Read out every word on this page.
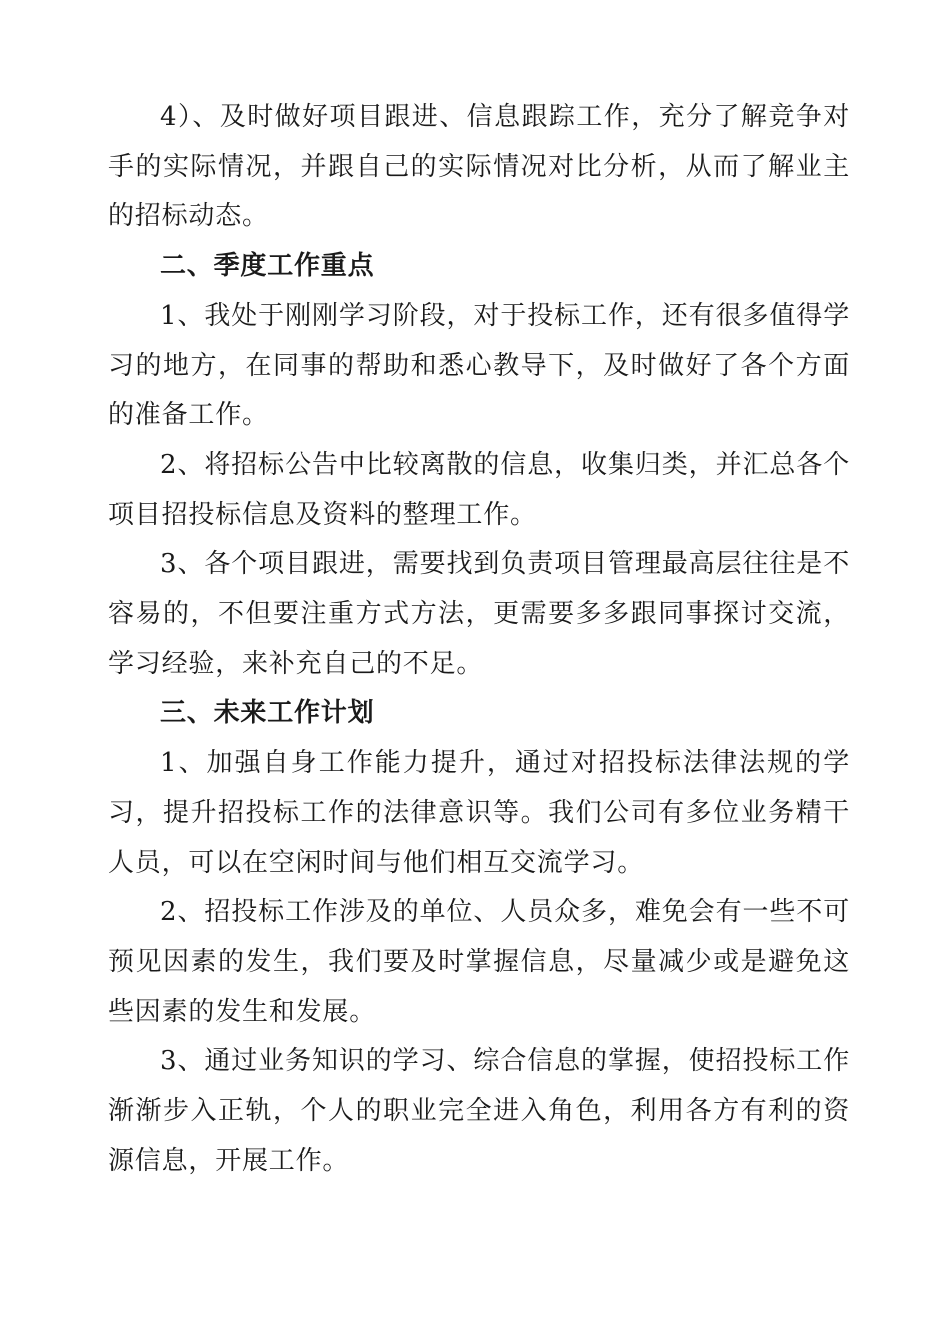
4）、及时做好项目跟进、信息跟踪工作，充分了解竞争对手的实际情况，并跟自己的实际情况对比分析，从而了解业主的招标动态。

二、季度工作重点

1、我处于刚刚学习阶段，对于投标工作，还有很多值得学习的地方，在同事的帮助和悉心教导下，及时做好了各个方面的准备工作。

2、将招标公告中比较离散的信息，收集归类，并汇总各个项目招投标信息及资料的整理工作。

3、各个项目跟进，需要找到负责项目管理最高层往往是不容易的，不但要注重方式方法，更需要多多跟同事探讨交流，学习经验，来补充自己的不足。

三、未来工作计划

1、加强自身工作能力提升，通过对招投标法律法规的学习，提升招投标工作的法律意识等。我们公司有多位业务精干人员，可以在空闲时间与他们相互交流学习。

2、招投标工作涉及的单位、人员众多，难免会有一些不可预见因素的发生，我们要及时掌握信息，尽量减少或是避免这些因素的发生和发展。

3、通过业务知识的学习、综合信息的掌握，使招投标工作渐渐步入正轨，个人的职业完全进入角色，利用各方有利的资源信息，开展工作。
